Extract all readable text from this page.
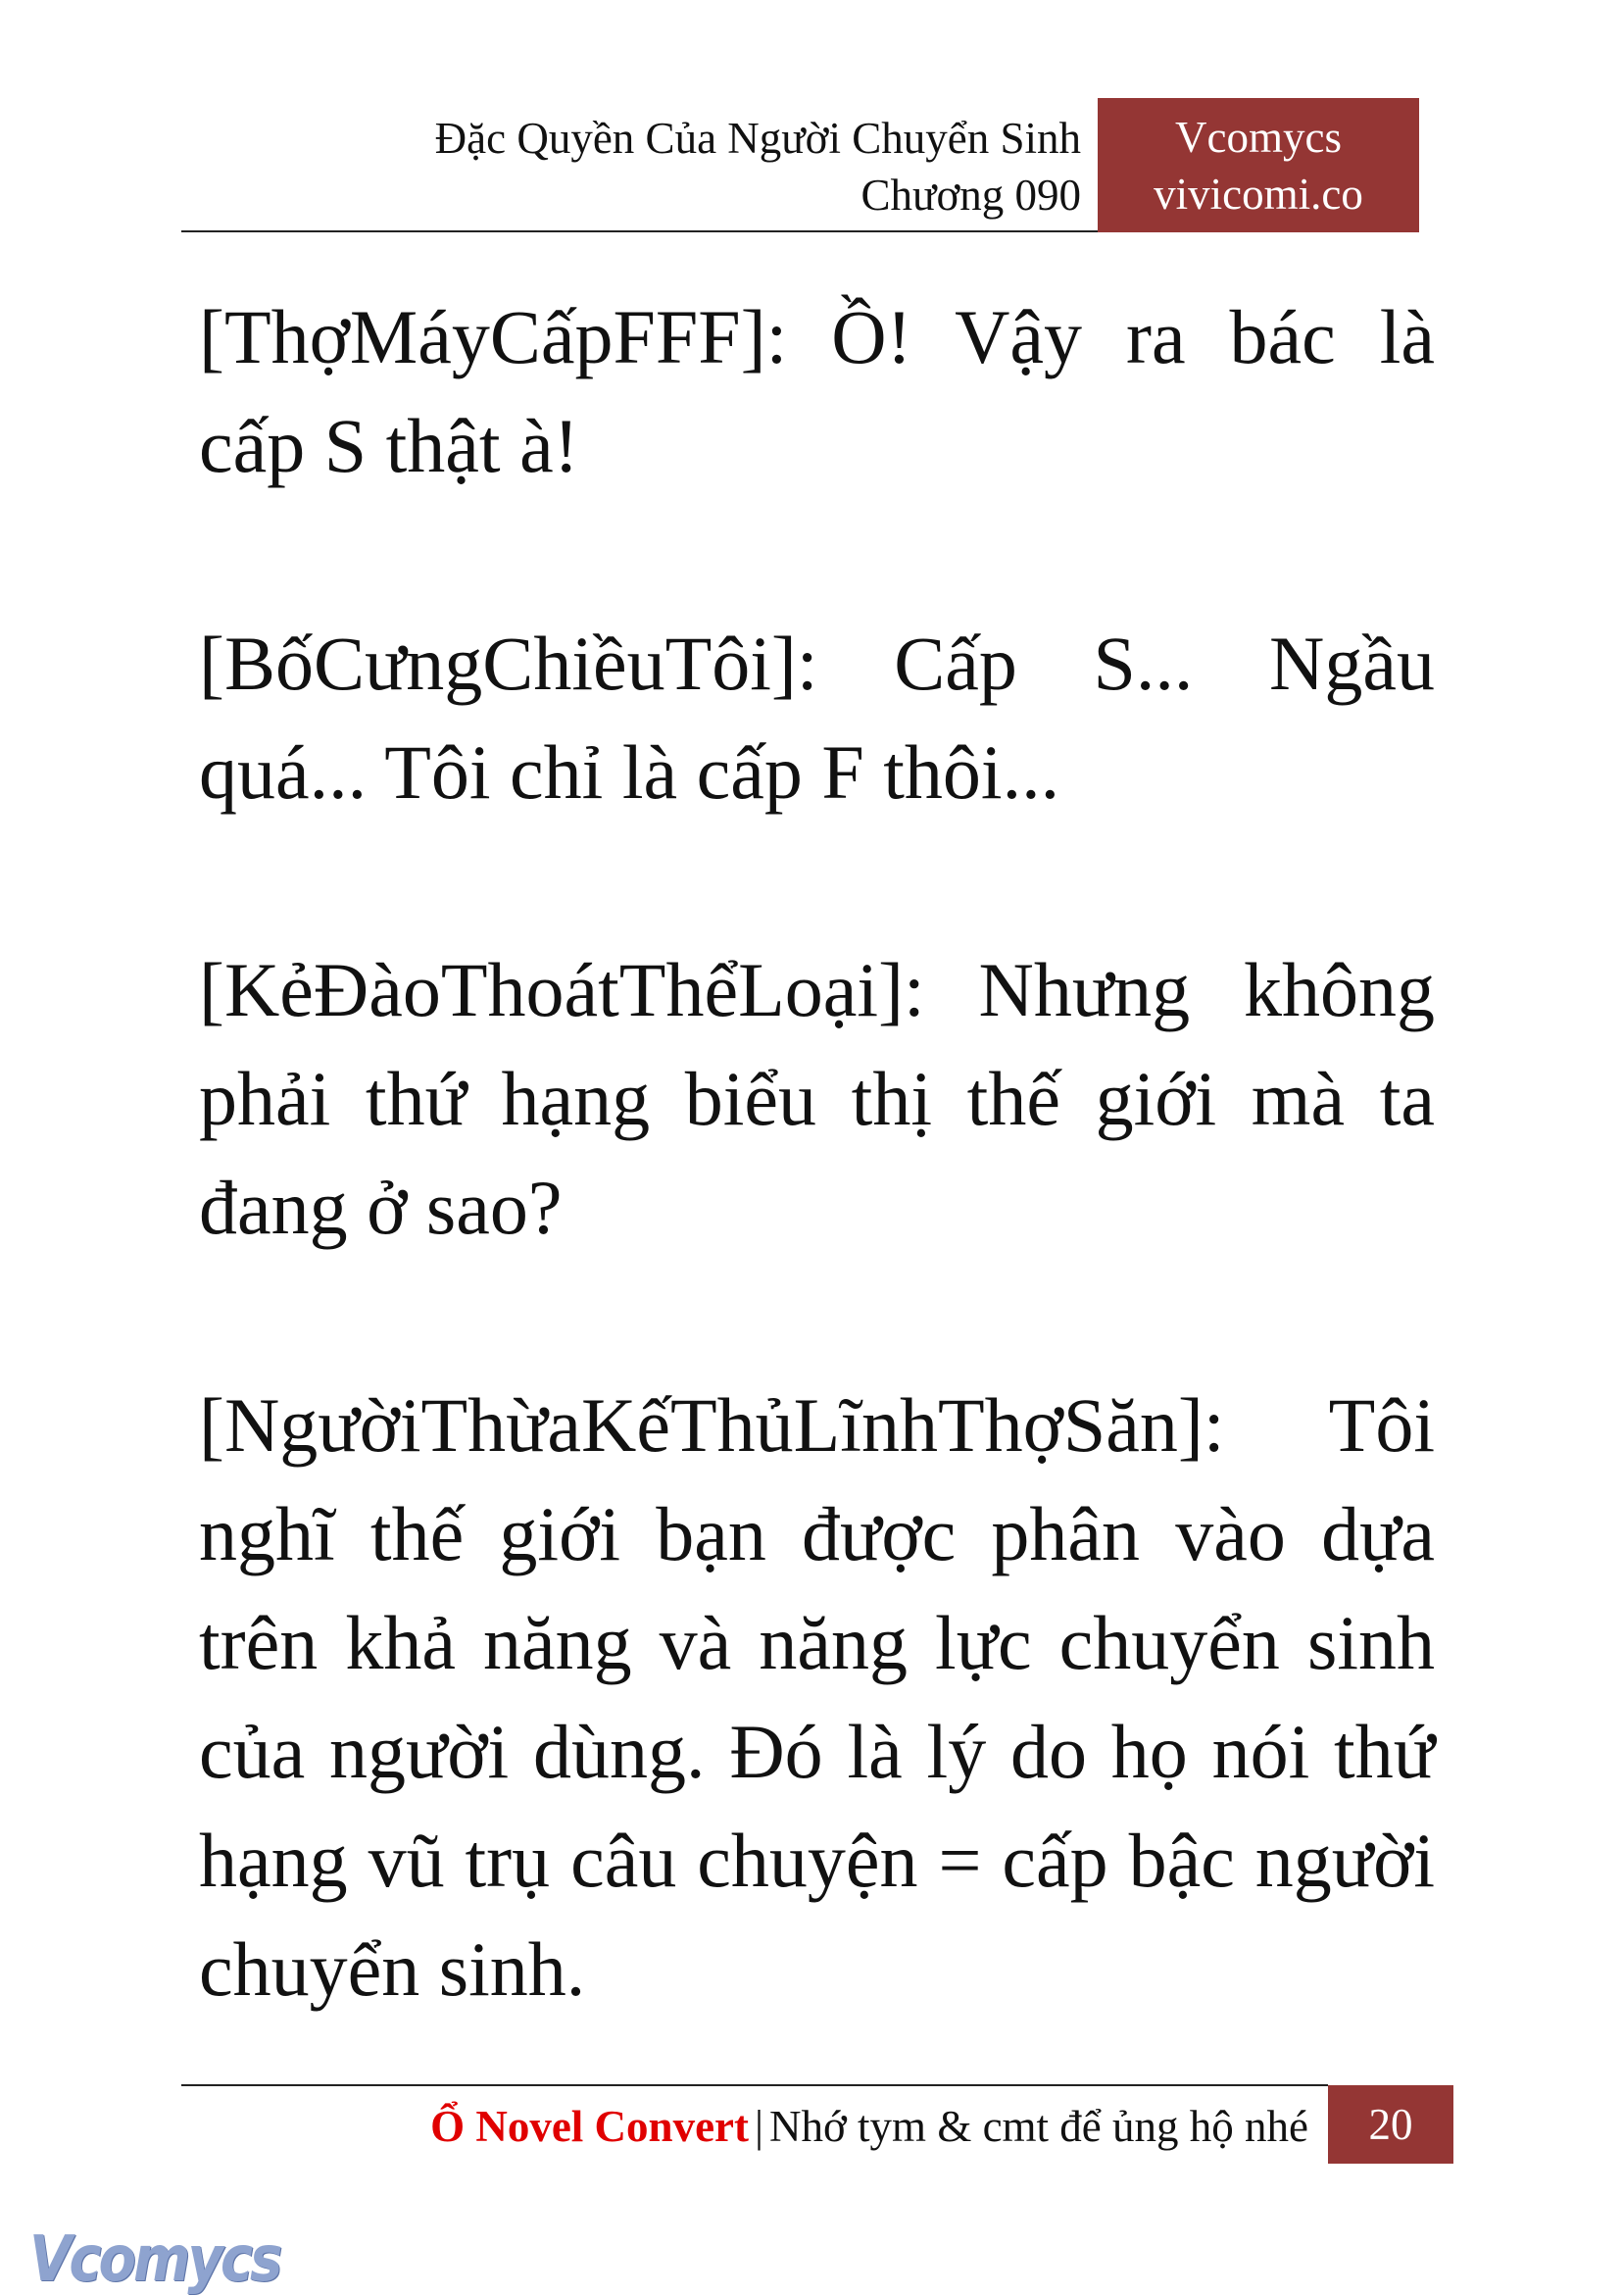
Đặc Quyền Của Người Chuyển Sinh
Chương 090
Vcomycs
vivicomi.co

[ThợMáyCấpFFF]: Ồ! Vậy ra bác là cấp S thật à!

[BốCưngChiềuTôi]: Cấp S... Ngầu quá... Tôi chỉ là cấp F thôi...

[KẻĐàoThoátThểLoại]: Nhưng không phải thứ hạng biểu thị thế giới mà ta đang ở sao?

[NgườiThừaKếThủLĩnhThợSăn]: Tôi nghĩ thế giới bạn được phân vào dựa trên khả năng và năng lực chuyển sinh của người dùng. Đó là lý do họ nói thứ hạng vũ trụ câu chuyện = cấp bậc người chuyển sinh.

Ổ Novel Convert | Nhớ tym & cmt để ủng hộ nhé	20
Vcomycs
